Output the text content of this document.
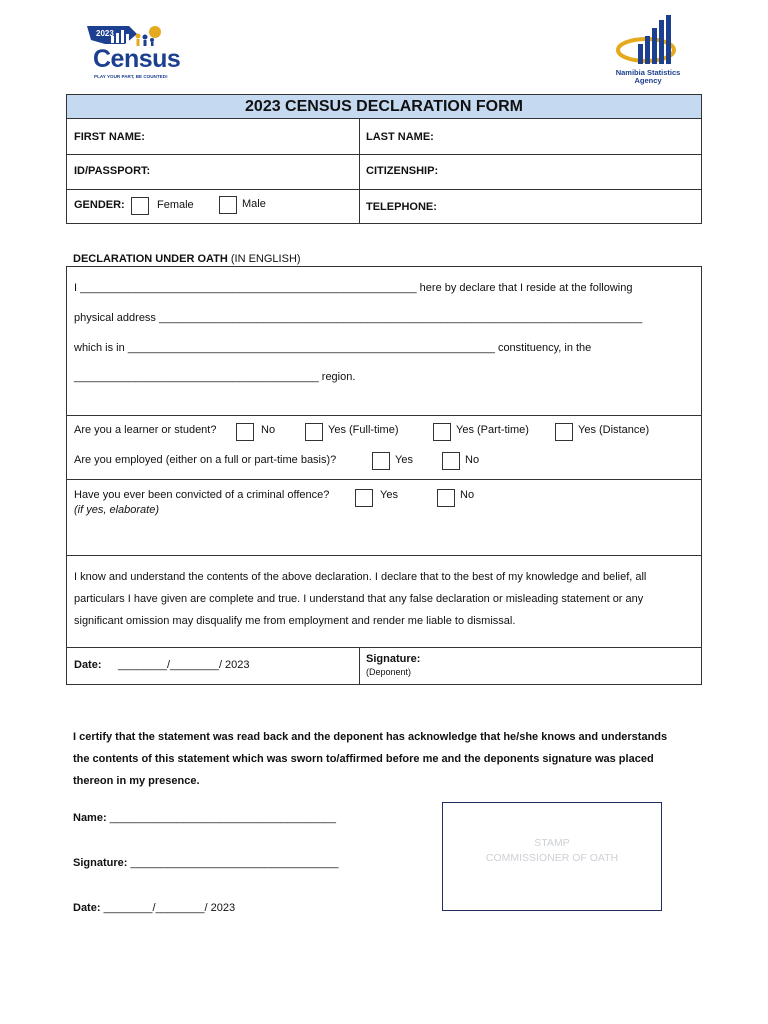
2023
Census
PLAY YOUR PART, BE COUNTED!	Namibia Statistics Agency
2023 CENSUS DECLARATION FORM
FIRST NAME:	LAST NAME:
ID/PASSPORT:	CITIZENSHIP:
GENDER:	Female	Male	TELEPHONE:
DECLARATION UNDER OATH (IN ENGLISH)
I _______________________________________________________ here by declare that I reside at the following
physical address _______________________________________________________________________________
which is in ____________________________________________________________ constituency, in the
________________________________________ region.
Are you a learner or student?	No	Yes (Full-time)	Yes (Part-time)	Yes (Distance)
Are you employed (either on a full or part-time basis)?	Yes	No
Have you ever been convicted of a criminal offence?	Yes	No
(if yes, elaborate)
I know and understand the contents of the above declaration. I declare that to the best of my knowledge and belief, all
particulars I have given are complete and true. I understand that any false declaration or misleading statement or any
significant omission may disqualify me from employment and render me liable to dismissal.
Date: ________/________/ 2023	Signature:
(Deponent)
I certify that the statement was read back and the deponent has acknowledge that he/she knows and understands
the contents of this statement which was sworn to/affirmed before me and the deponents signature was placed
thereon in my presence.
Name: _____________________________________
Signature: __________________________________
Date: ________/________/ 2023
STAMP
COMMISSIONER OF OATH
